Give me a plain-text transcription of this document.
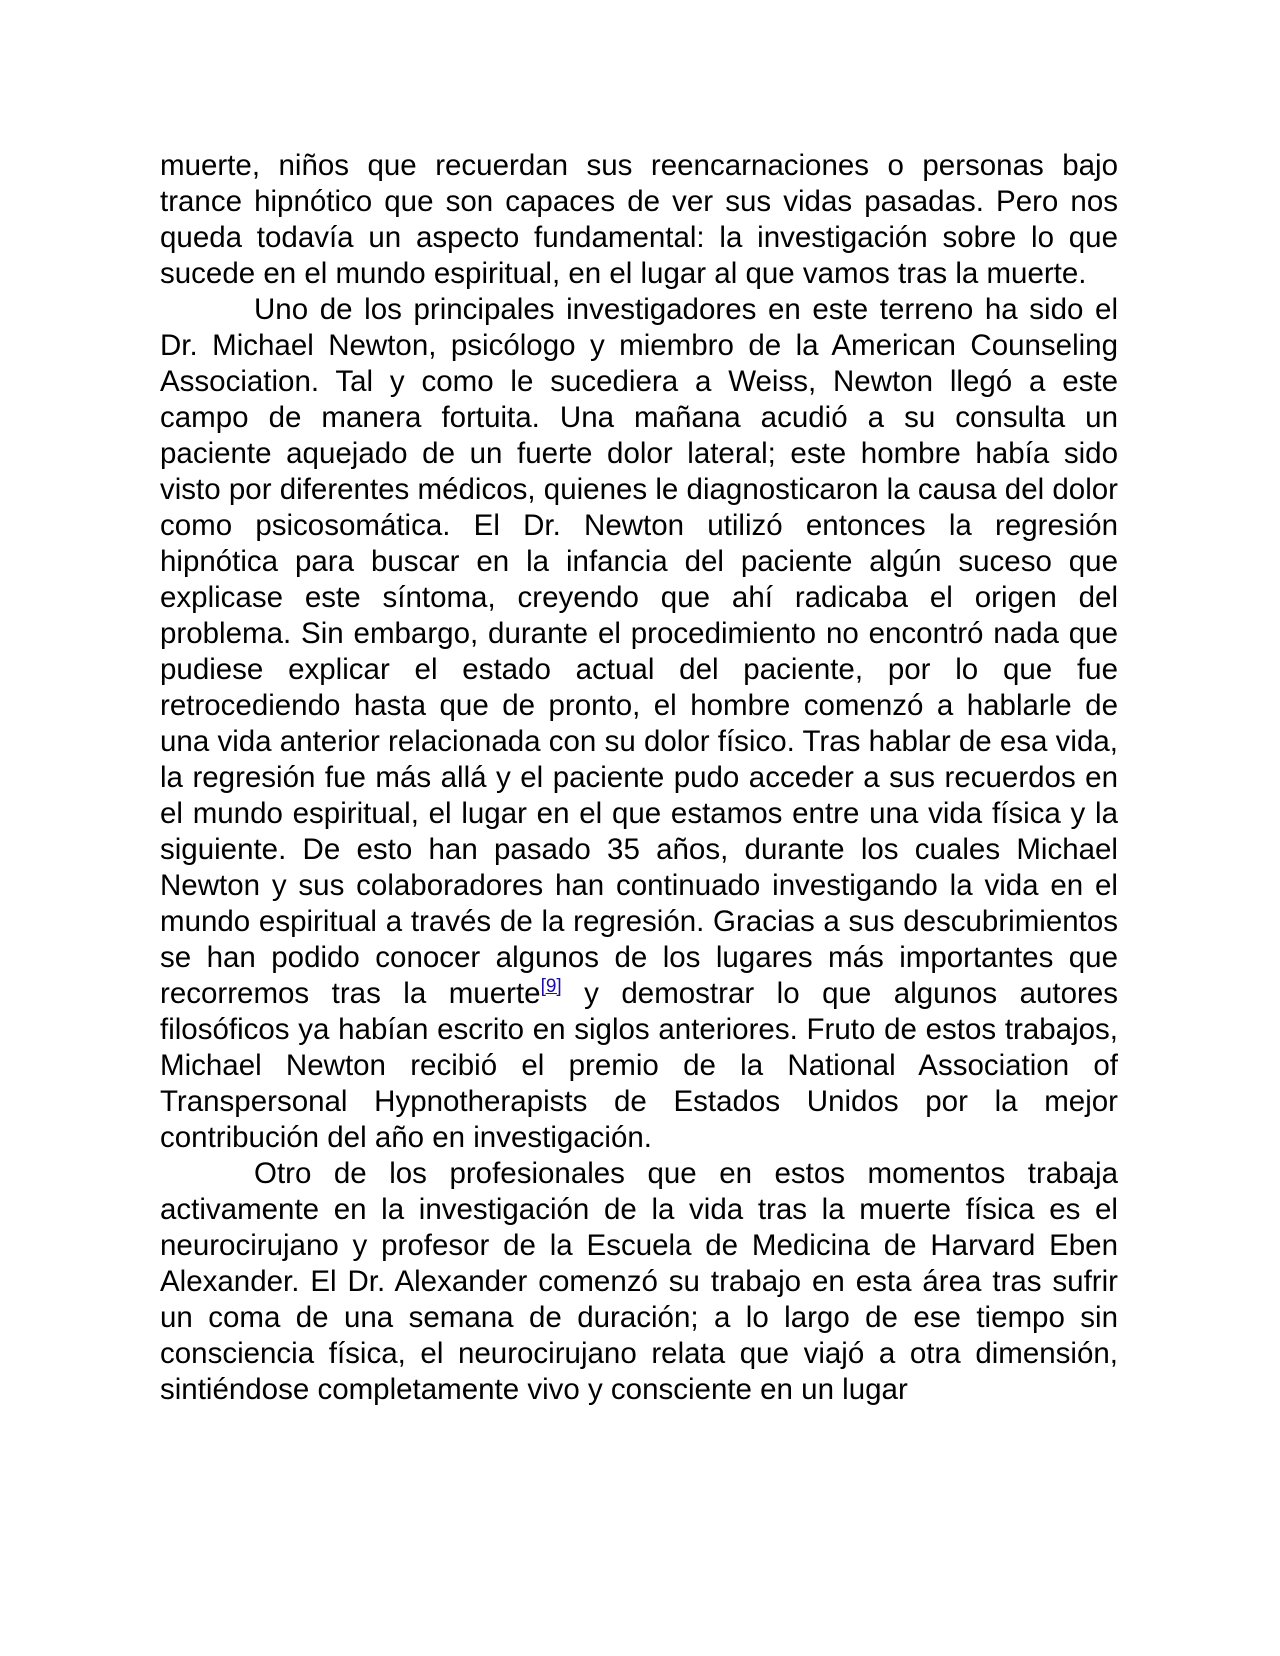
muerte, niños que recuerdan sus reencarnaciones o personas bajo trance hipnótico que son capaces de ver sus vidas pasadas. Pero nos queda todavía un aspecto fundamental: la investigación sobre lo que sucede en el mundo espiritual, en el lugar al que vamos tras la muerte.

Uno de los principales investigadores en este terreno ha sido el Dr. Michael Newton, psicólogo y miembro de la American Counseling Association. Tal y como le sucediera a Weiss, Newton llegó a este campo de manera fortuita. Una mañana acudió a su consulta un paciente aquejado de un fuerte dolor lateral; este hombre había sido visto por diferentes médicos, quienes le diagnosticaron la causa del dolor como psicosomática. El Dr. Newton utilizó entonces la regresión hipnótica para buscar en la infancia del paciente algún suceso que explicase este síntoma, creyendo que ahí radicaba el origen del problema. Sin embargo, durante el procedimiento no encontró nada que pudiese explicar el estado actual del paciente, por lo que fue retrocediendo hasta que de pronto, el hombre comenzó a hablarle de una vida anterior relacionada con su dolor físico. Tras hablar de esa vida, la regresión fue más allá y el paciente pudo acceder a sus recuerdos en el mundo espiritual, el lugar en el que estamos entre una vida física y la siguiente. De esto han pasado 35 años, durante los cuales Michael Newton y sus colaboradores han continuado investigando la vida en el mundo espiritual a través de la regresión. Gracias a sus descubrimientos se han podido conocer algunos de los lugares más importantes que recorremos tras la muerte[9] y demostrar lo que algunos autores filosóficos ya habían escrito en siglos anteriores. Fruto de estos trabajos, Michael Newton recibió el premio de la National Association of Transpersonal Hypnotherapists de Estados Unidos por la mejor contribución del año en investigación.

Otro de los profesionales que en estos momentos trabaja activamente en la investigación de la vida tras la muerte física es el neurocirujano y profesor de la Escuela de Medicina de Harvard Eben Alexander. El Dr. Alexander comenzó su trabajo en esta área tras sufrir un coma de una semana de duración; a lo largo de ese tiempo sin consciencia física, el neurocirujano relata que viajó a otra dimensión, sintiéndose completamente vivo y consciente en un lugar
